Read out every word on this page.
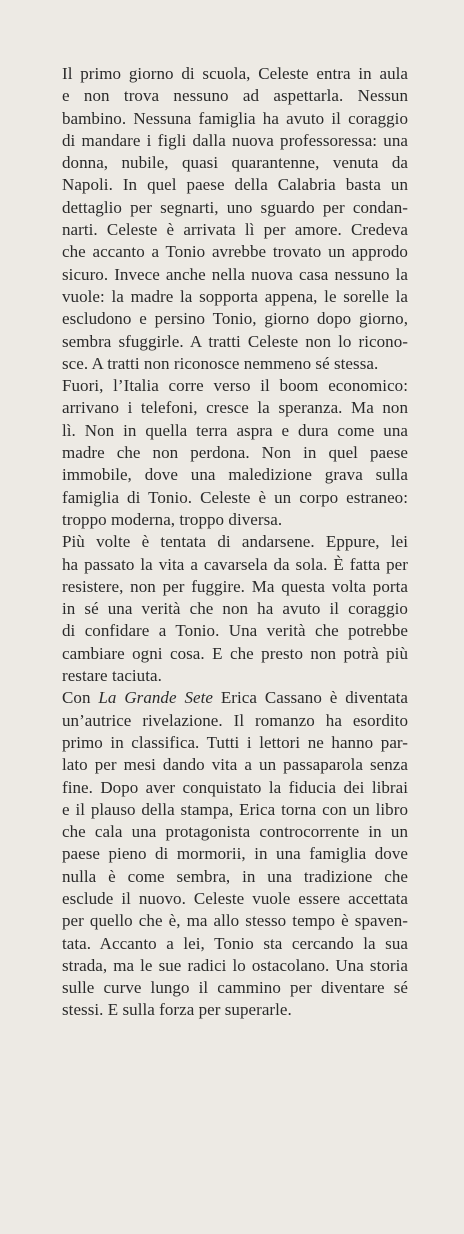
Il primo giorno di scuola, Celeste entra in aula
e non trova nessuno ad aspettarla. Nessun
bambino. Nessuna famiglia ha avuto il coraggio
di mandare i figli dalla nuova professoressa: una
donna, nubile, quasi quarantenne, venuta da
Napoli. In quel paese della Calabria basta un
dettaglio per segnarti, uno sguardo per condan-
narti. Celeste è arrivata lì per amore. Credeva
che accanto a Tonio avrebbe trovato un approdo
sicuro. Invece anche nella nuova casa nessuno la
vuole: la madre la sopporta appena, le sorelle la
escludono e persino Tonio, giorno dopo giorno,
sembra sfuggirle. A tratti Celeste non lo ricono-
sce. A tratti non riconosce nemmeno sé stessa.

Fuori, l’Italia corre verso il boom economico:
arrivano i telefoni, cresce la speranza. Ma non
lì. Non in quella terra aspra e dura come una
madre che non perdona. Non in quel paese
immobile, dove una maledizione grava sulla
famiglia di Tonio. Celeste è un corpo estraneo:
troppo moderna, troppo diversa.

Più volte è tentata di andarsene. Eppure, lei
ha passato la vita a cavarsela da sola. È fatta per
resistere, non per fuggire. Ma questa volta porta
in sé una verità che non ha avuto il coraggio
di confidare a Tonio. Una verità che potrebbe
cambiare ogni cosa. E che presto non potrà più
restare taciuta.

Con La Grande Sete Erica Cassano è diventata
un’autrice rivelazione. Il romanzo ha esordito
primo in classifica. Tutti i lettori ne hanno par-
lato per mesi dando vita a un passaparola senza
fine. Dopo aver conquistato la fiducia dei librai
e il plauso della stampa, Erica torna con un libro
che cala una protagonista controcorrente in un
paese pieno di mormorii, in una famiglia dove
nulla è come sembra, in una tradizione che
esclude il nuovo. Celeste vuole essere accettata
per quello che è, ma allo stesso tempo è spaven-
tata. Accanto a lei, Tonio sta cercando la sua
strada, ma le sue radici lo ostacolano. Una storia
sulle curve lungo il cammino per diventare sé
stessi. E sulla forza per superarle.
